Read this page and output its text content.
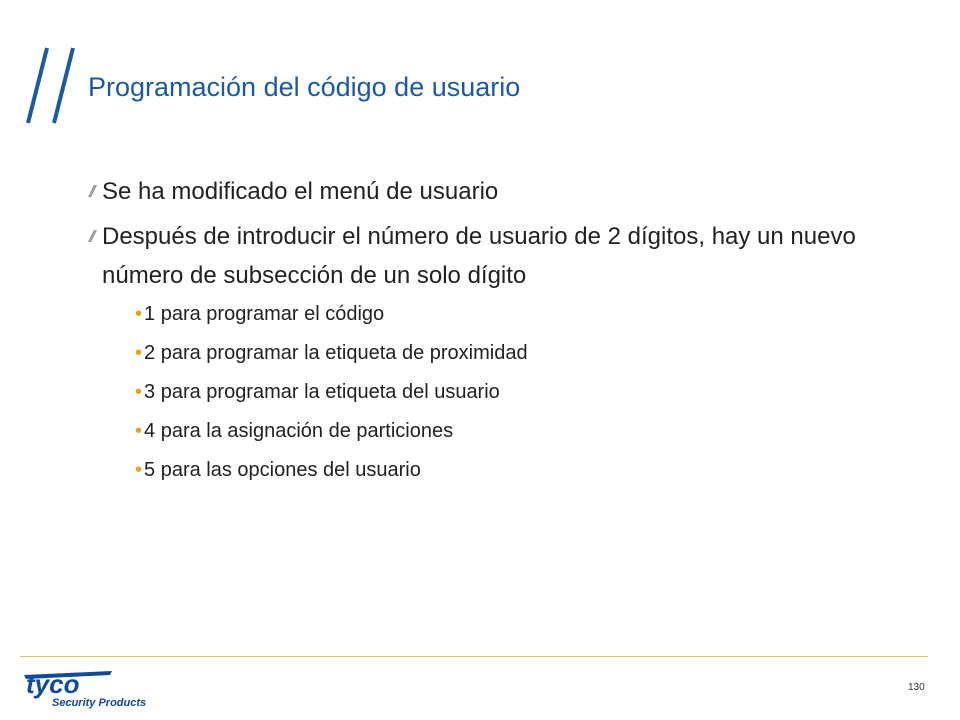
Programación del código de usuario
// Se ha modificado el menú de usuario
// Después de introducir el número de usuario de 2 dígitos, hay un nuevo número de subsección de un solo dígito
• 1 para programar el código
• 2 para programar la etiqueta de proximidad
• 3 para programar la etiqueta del usuario
• 4 para la asignación de particiones
• 5 para las opciones del usuario
tyco
Security Products
130
